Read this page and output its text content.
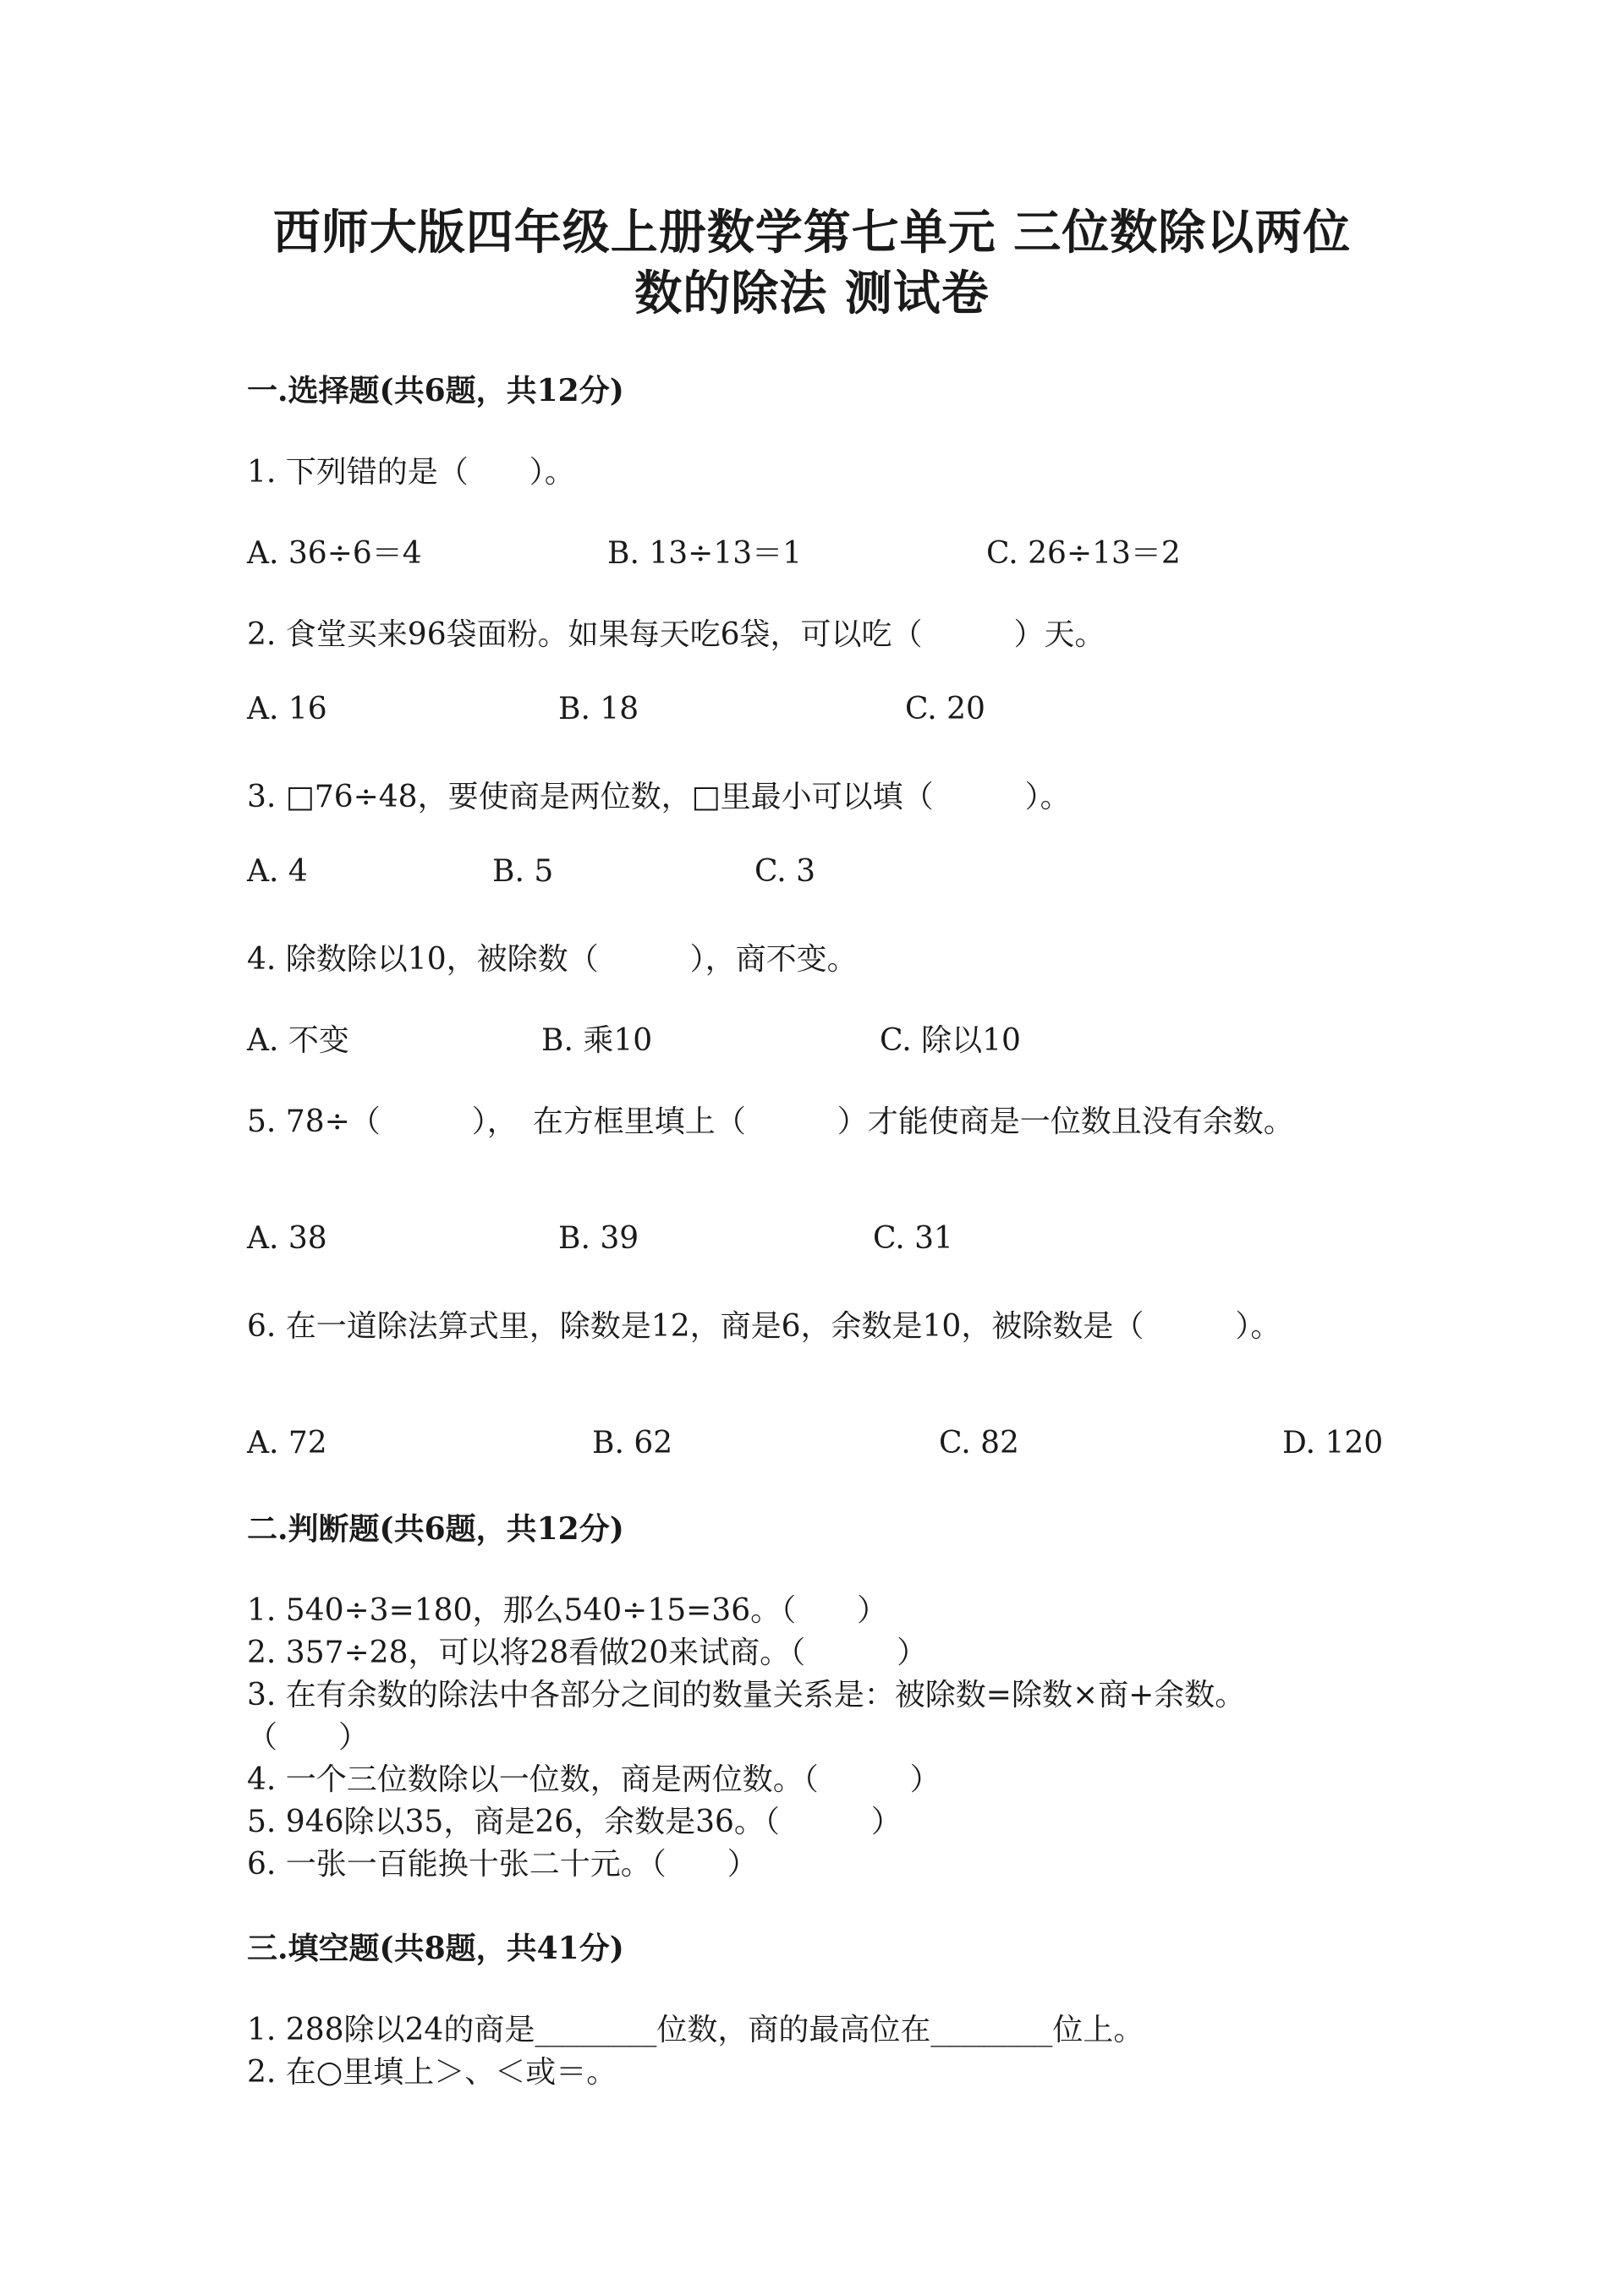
西师大版四年级上册数学第七单元 三位数除以两位
数的除法 测试卷
一.选择题(共6题，共12分)
1. 下列错的是（　　）。
A. 36÷6＝4	B. 13÷13＝1	C. 26÷13＝2
2. 食堂买来96袋面粉。如果每天吃6袋，可以吃（　　　）天。
A. 16	B. 18	C. 20
3. □76÷48，要使商是两位数，□里最小可以填（　　　）。
A. 4	B. 5	C. 3
4. 除数除以10，被除数（　　　），商不变。
A. 不变	B. 乘10	C. 除以10
5. 78÷（　　　），　在方框里填上（　　　）才能使商是一位数且没有余数。
A. 38	B. 39	C. 31
6. 在一道除法算式里，除数是12，商是6，余数是10，被除数是（　　　）。
A. 72	B. 62	C. 82	D. 120
二.判断题(共6题，共12分)
1. 540÷3=180，那么540÷15=36。（　　）
2. 357÷28，可以将28看做20来试商。（　　　）
3. 在有余数的除法中各部分之间的数量关系是：被除数=除数×商+余数。
（　　）
4. 一个三位数除以一位数，商是两位数。（　　　）
5. 946除以35，商是26，余数是36。（　　　）
6. 一张一百能换十张二十元。（　　）
三.填空题(共8题，共41分)
1. 288除以24的商是________位数，商的最高位在________位上。
2. 在○里填上＞、＜或＝。
